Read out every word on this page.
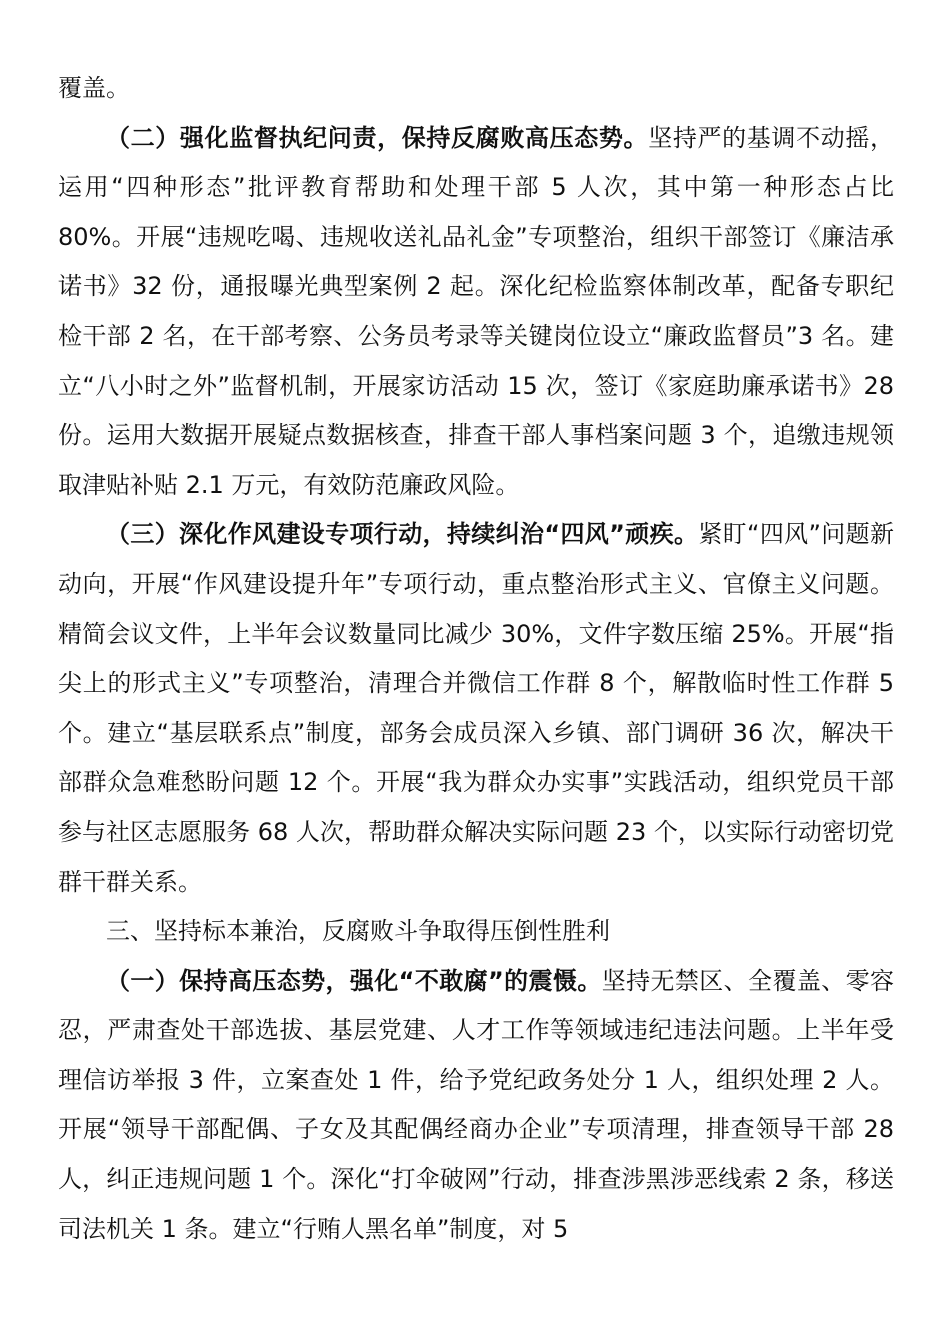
覆盖。

（二）强化监督执纪问责，保持反腐败高压态势。坚持严的基调不动摇，运用“四种形态”批评教育帮助和处理干部 5 人次，其中第一种形态占比 80%。开展“违规吃喝、违规收送礼品礼金”专项整治，组织干部签订《廉洁承诺书》32 份，通报曝光典型案例 2 起。深化纪检监察体制改革，配备专职纪检干部 2 名，在干部考察、公务员考录等关键岗位设立“廉政监督员”3 名。建立“八小时之外”监督机制，开展家访活动 15 次，签订《家庭助廉承诺书》28 份。运用大数据开展疑点数据核查，排查干部人事档案问题 3 个，追缴违规领取津贴补贴 2.1 万元，有效防范廉政风险。

（三）深化作风建设专项行动，持续纠治“四风”顽疾。紧盯“四风”问题新动向，开展“作风建设提升年”专项行动，重点整治形式主义、官僚主义问题。精简会议文件，上半年会议数量同比减少 30%，文件字数压缩 25%。开展“指尖上的形式主义”专项整治，清理合并微信工作群 8 个，解散临时性工作群 5 个。建立“基层联系点”制度，部务会成员深入乡镇、部门调研 36 次，解决干部群众急难愁盼问题 12 个。开展“我为群众办实事”实践活动，组织党员干部参与社区志愿服务 68 人次，帮助群众解决实际问题 23 个，以实际行动密切党群干群关系。

三、坚持标本兼治，反腐败斗争取得压倒性胜利

（一）保持高压态势，强化“不敢腐”的震慑。坚持无禁区、全覆盖、零容忍，严肃查处干部选拔、基层党建、人才工作等领域违纪违法问题。上半年受理信访举报 3 件，立案查处 1 件，给予党纪政务处分 1 人，组织处理 2 人。开展“领导干部配偶、子女及其配偶经商办企业”专项清理，排查领导干部 28 人，纠正违规问题 1 个。深化“打伞破网”行动，排查涉黑涉恶线索 2 条，移送司法机关 1 条。建立“行贿人黑名单”制度，对 5
